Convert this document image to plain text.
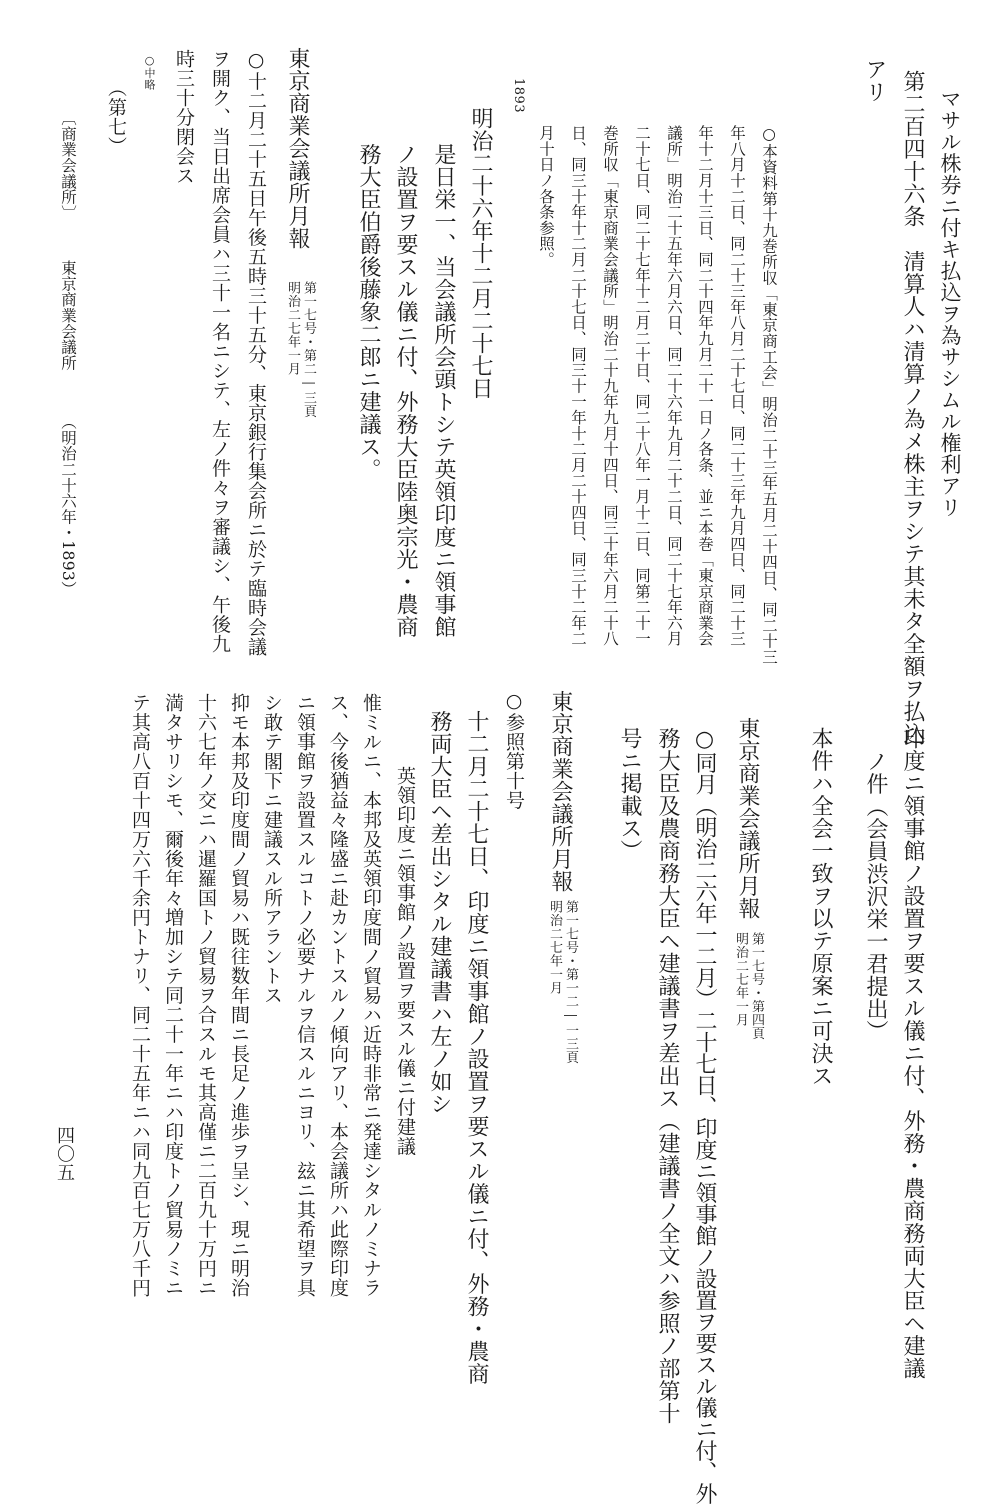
アリ 第二百四十六条　清算人ハ清算ノ為メ株主ヲシテ其未タ全額ヲ払込 マサル株券ニ付キ払込ヲ為サシムル権利アリ
○本資料第十九巻所収「東京商工会」明治二十三年五月二十四日、同二十三
年八月十二日、同二十三年八月二十七日、同二十三年九月四日、同二十三
年十二月十三日、同二十四年九月二十一日ノ各条、並ニ本巻「東京商業会
議所」明治二十五年六月六日、同二十六年九月二十二日、同二十七年六月
二十七日、同二十七年十二月二十日、同二十八年一月十二日、同第二十一
巻所収「東京商業会議所」明治二十九年九月十四日、同三十年六月二十八
日、同三十年十二月二十七日、同三十一年十二月二十四日、同三十二年二
月十日ノ各条参照。
1893
明治二十六年十二月二十七日
是日栄一、当会議所会頭トシテ英領印度ニ領事館
ノ設置ヲ要スル儀ニ付、外務大臣陸奥宗光・農商
務大臣伯爵後藤象二郎ニ建議ス。
東京商業会議所月報
第一七号・第二―三頁
明治二七年一月
○十二月二十五日午後五時三十五分、東京銀行集会所ニ於テ臨時会議
ヲ開ク、当日出席会員ハ三十一名ニシテ、左ノ件々ヲ審議シ、午後九
時三十分閉会ス
○中略
（第七）
〔商業会議所〕
東京商業会議所
（明治二十六年・1893）
印度ニ領事館ノ設置ヲ要スル儀ニ付、外務・農商務両大臣ヘ建議
ノ件（会員渋沢栄一君提出）
本件ハ全会一致ヲ以テ原案ニ可決ス
東京商業会議所月報
第一七号・第四頁
明治二七年一月
○同月（明治二六年一二月）二十七日、印度ニ領事館ノ設置ヲ要スル儀ニ付、外
務大臣及農商務大臣ヘ建議書ヲ差出ス（建議書ノ全文ハ参照ノ部第十
号ニ掲載ス）
東京商業会議所月報
第一七号・第一二―一三頁
明治二七年一月
○参照第十号
十二月二十七日、印度ニ領事館ノ設置ヲ要スル儀ニ付、外務・農商
務両大臣ヘ差出シタル建議書ハ左ノ如シ
英領印度ニ領事館ノ設置ヲ要スル儀ニ付建議
惟ミルニ、本邦及英領印度間ノ貿易ハ近時非常ニ発達シタルノミナラ
ス、今後猶益々隆盛ニ赴カントスルノ傾向アリ、本会議所ハ此際印度
ニ領事館ヲ設置スルコトノ必要ナルヲ信スルニヨリ、玆ニ其希望ヲ具
シ敢テ閣下ニ建議スル所アラントス
抑モ本邦及印度間ノ貿易ハ既往数年間ニ長足ノ進歩ヲ呈シ、現ニ明治
十六七年ノ交ニハ暹羅国トノ貿易ヲ合スルモ其高僅ニ二百九十万円ニ
満タサリシモ、爾後年々増加シテ同二十一年ニハ印度トノ貿易ノミニ
テ其高八百十四万六千余円トナリ、同二十五年ニハ同九百七万八千円
四〇五
